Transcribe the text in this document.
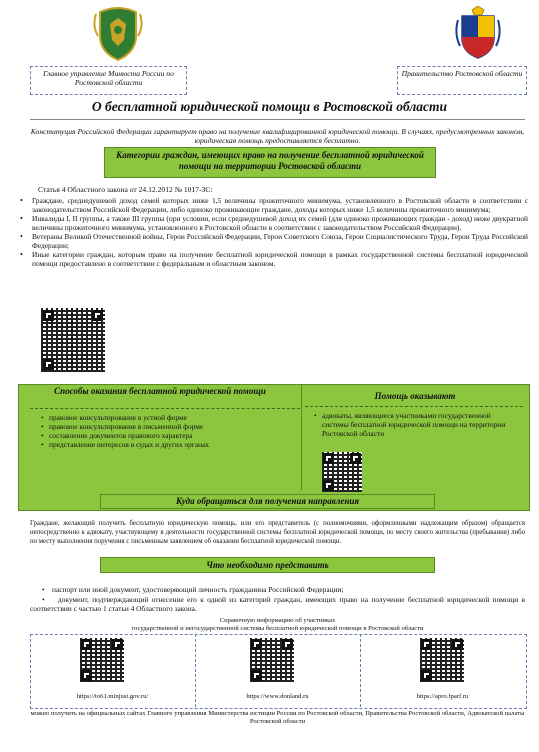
Главное управление Минюста России по Ростовской области
Правительство Ростовской области
О бесплатной юридической помощи в Ростовской области
Конституция Российской Федерации гарантирует право на получение квалифицированной юридической помощи. В случаях, предусмотренных законом, юридическая помощь предоставляется бесплатно.
Категории граждан, имеющих право на получение бесплатной юридической помощи на территории Ростовской области
Статья 4 Областного закона от 24.12.2012 № 1017-ЗС:
• Граждане, среднедушевой доход семей которых ниже 1,5 величины прожиточного минимума, установленного в Ростовской области в соответствии с законодательством Российской Федерации, либо одиноко проживающие граждане, доходы которых ниже 1,5 величины прожиточного минимума;
• Инвалиды I, II группы, а также III группы (при условии, если среднедушевой доход их семей (для одиноко проживающих граждан - доход) ниже двукратной величины прожиточного минимума, установленного в Ростовской области в соответствии с законодательством Российской Федерации).
• Ветераны Великой Отечественной войны, Герои Российской Федерации, Герои Советского Союза, Герои Социалистического Труда, Герои Труда Российской Федерации;
• Иные категории граждан, которым право на получение бесплатной юридической помощи в рамках государственной системы бесплатной юридической помощи предоставлено в соответствии с федеральным и областным законом.
Способы оказания бесплатной юридической помощи
• правовое консультирование в устной форме
• правовое консультирование в письменной форме
• составление документов правового характера
• представление интересов в судах и других органах
Помощь оказывают
• адвокаты, являющиеся участниками государственной системы бесплатной юридической помощи на территории Ростовской области
Куда обращаться для получения направления
Граждане, желающий получить бесплатную юридическую помощь, или его представитель (с полномочиями, оформленными надлежащим образом) обращается непосредственно к адвокату, участвующему в деятельности государственной системы бесплатной юридической помощи, по месту своего жительства (пребывания) либо по месту выполнения поручения с письменным заявлением об оказании бесплатной юридической помощи.
Что необходимо представить

•    паспорт или иной документ, удостоверяющий личность гражданина Российской Федерации;

•    документ, подтверждающий отнесение его к одной из категорий граждан, имеющих право на получение бесплатной юридической помощи в соответствии с частью 1 статьи 4 Областного закона.

Справочную информацию об участниках
государственной и негосударственной системы бесплатной юридической помощи в Ростовской области
https://to61.minjust.gov.ru/	https://www.donland.ru	https://apro.fparf.ru
можно получить на официальных сайтах Главного управления Министерства юстиции России по Ростовской области, Правительства Ростовской области, Адвокатской палаты Ростовской области
